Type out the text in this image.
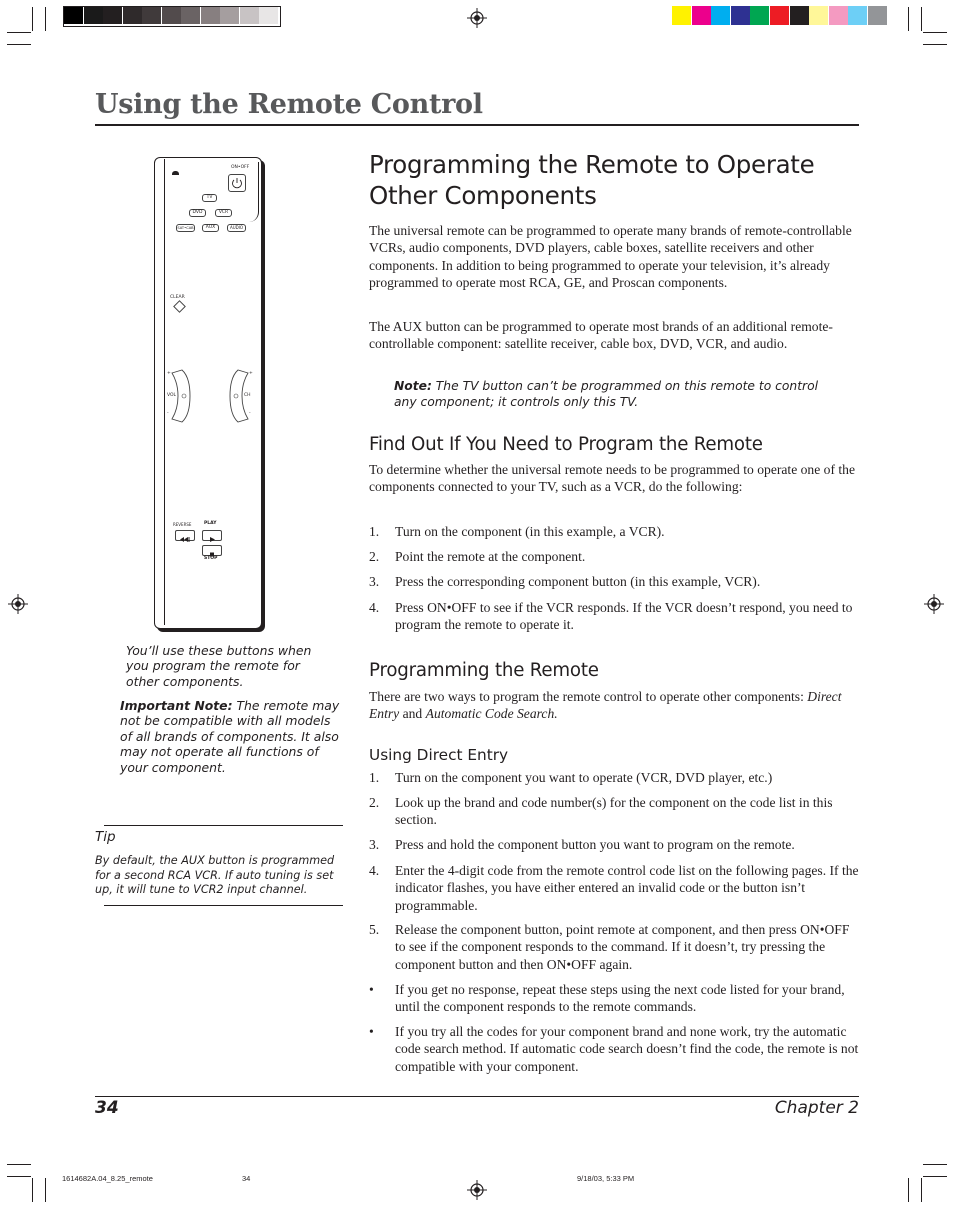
Using the Remote Control
ON•OFF
TV
DVD	VCR
SAT•CAB	AUX	AUDIO
CLEAR
+
VOL
-
+
CH
-
REVERSE	PLAY
STOP
You’ll use these buttons when you program the remote for other components.
Important Note: The remote may not be compatible with all models of all brands of components. It also may not operate all functions of your component.
Tip
By default, the AUX button is programmed for a second RCA VCR. If auto tuning is set up, it will tune to VCR2 input channel.
Programming the Remote to Operate Other Components
The universal remote can be programmed to operate many brands of remote-controllable VCRs, audio components, DVD players, cable boxes, satellite receivers and other components. In addition to being programmed to operate your television, it’s already programmed to operate most RCA, GE, and Proscan components.
The AUX button can be programmed to operate most brands of an additional remote-controllable component: satellite receiver, cable box, DVD, VCR, and audio.
Note: The TV button can’t be programmed on this remote to control any component; it controls only this TV.
Find Out If You Need to Program the Remote
To determine whether the universal remote needs to be programmed to operate one of the components connected to your TV, such as a VCR, do the following:
1. Turn on the component (in this example, a VCR).
2. Point the remote at the component.
3. Press the corresponding component button (in this example, VCR).
4. Press ON•OFF to see if the VCR responds. If the VCR doesn’t respond, you need to program the remote to operate it.
Programming the Remote
There are two ways to program the remote control to operate other components: Direct Entry and Automatic Code Search.
Using Direct Entry
1. Turn on the component you want to operate (VCR, DVD player, etc.)
2. Look up the brand and code number(s) for the component on the code list in this section.
3. Press and hold the component button you want to program on the remote.
4. Enter the 4-digit code from the remote control code list on the following pages. If the indicator flashes, you have either entered an invalid code or the button isn’t programmable.
5. Release the component button, point remote at component, and then press ON•OFF to see if the component responds to the command. If it doesn’t, try pressing the component button and then ON•OFF again.
• If you get no response, repeat these steps using the next code listed for your brand, until the component responds to the remote commands.
• If you try all the codes for your component brand and none work, try the automatic code search method. If automatic code search doesn’t find the code, the remote is not compatible with your component.
34	Chapter 2
1614682A.04_8.25_remote	34	9/18/03, 5:33 PM
